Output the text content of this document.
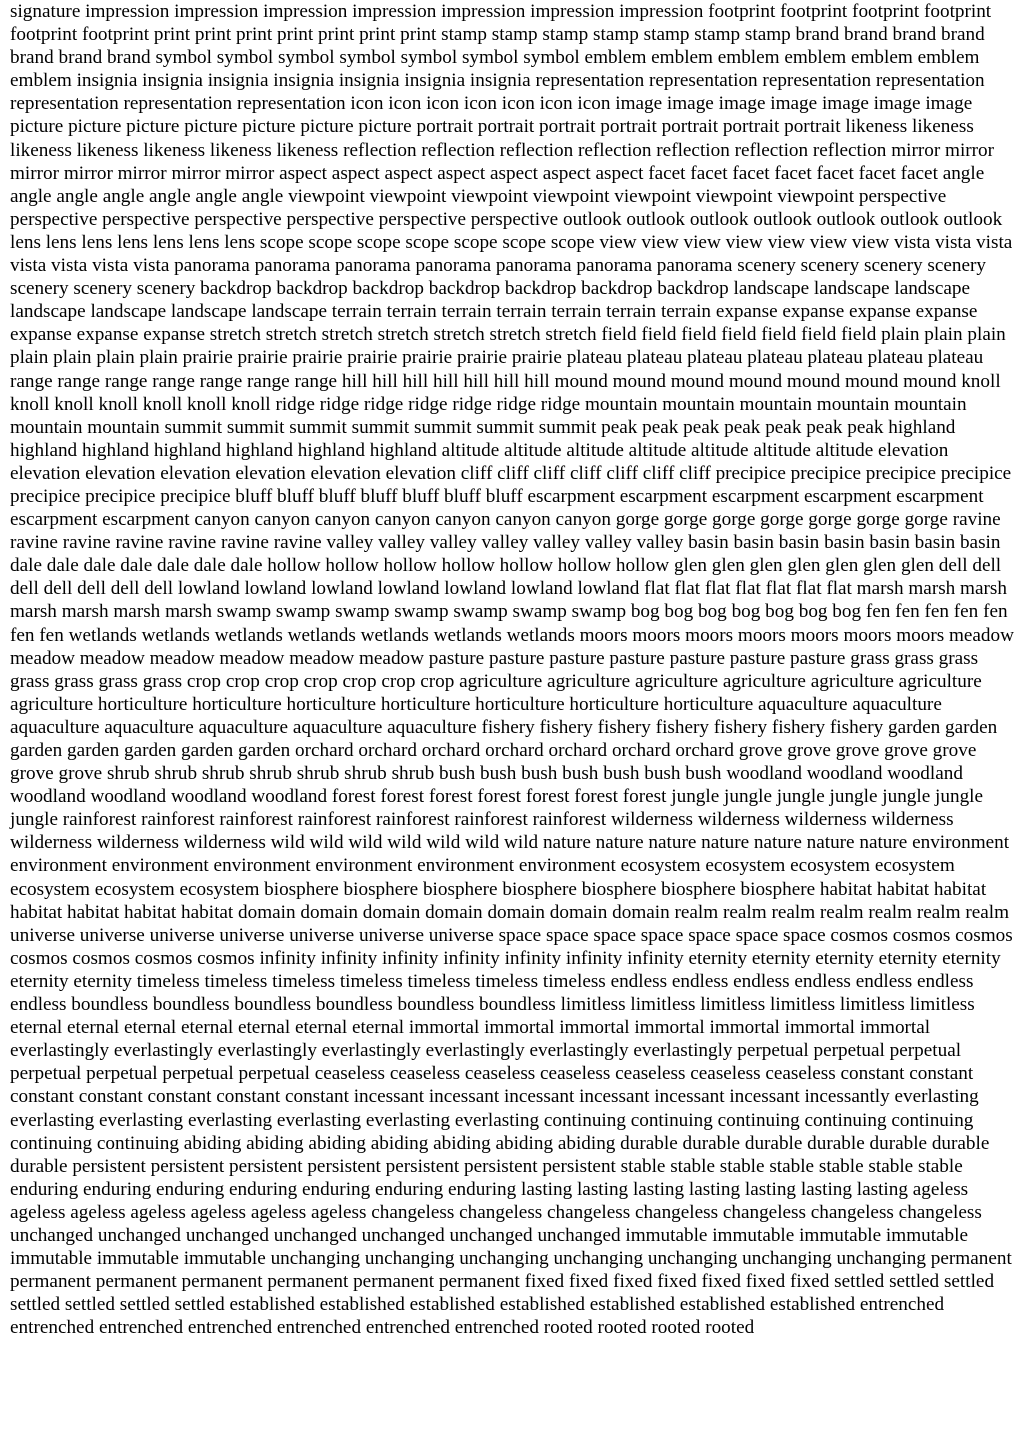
signature impression impression impression impression impression impression impression footprint footprint footprint footprint footprint footprint print print print print print print print stamp stamp stamp stamp stamp stamp stamp brand brand brand brand brand brand brand symbol symbol symbol symbol symbol symbol symbol emblem emblem emblem emblem emblem emblem emblem insignia insignia insignia insignia insignia insignia insignia representation representation representation representation representation representation representation icon icon icon icon icon icon icon image image image image image image image picture picture picture picture picture picture picture portrait portrait portrait portrait portrait portrait portrait likeness likeness likeness likeness likeness likeness likeness reflection reflection reflection reflection reflection reflection reflection mirror mirror mirror mirror mirror mirror mirror aspect aspect aspect aspect aspect aspect aspect facet facet facet facet facet facet facet angle angle angle angle angle angle angle viewpoint viewpoint viewpoint viewpoint viewpoint viewpoint viewpoint perspective perspective perspective perspective perspective perspective perspective outlook outlook outlook outlook outlook outlook outlook lens lens lens lens lens lens lens scope scope scope scope scope scope scope view view view view view view view vista vista vista vista vista vista vista panorama panorama panorama panorama panorama panorama panorama scenery scenery scenery scenery scenery scenery scenery backdrop backdrop backdrop backdrop backdrop backdrop backdrop landscape landscape landscape landscape landscape landscape landscape terrain terrain terrain terrain terrain terrain terrain expanse expanse expanse expanse expanse expanse expanse stretch stretch stretch stretch stretch stretch stretch field field field field field field field plain plain plain plain plain plain plain prairie prairie prairie prairie prairie prairie prairie plateau plateau plateau plateau plateau plateau plateau range range range range range range range hill hill hill hill hill hill hill mound mound mound mound mound mound mound knoll knoll knoll knoll knoll knoll knoll ridge ridge ridge ridge ridge ridge ridge mountain mountain mountain mountain mountain mountain mountain summit summit summit summit summit summit summit peak peak peak peak peak peak peak highland highland highland highland highland highland highland altitude altitude altitude altitude altitude altitude altitude elevation elevation elevation elevation elevation elevation elevation cliff cliff cliff cliff cliff cliff cliff precipice precipice precipice precipice precipice precipice precipice bluff bluff bluff bluff bluff bluff bluff escarpment escarpment escarpment escarpment escarpment escarpment escarpment canyon canyon canyon canyon canyon canyon canyon gorge gorge gorge gorge gorge gorge gorge ravine ravine ravine ravine ravine ravine ravine valley valley valley valley valley valley valley basin basin basin basin basin basin basin dale dale dale dale dale dale dale hollow hollow hollow hollow hollow hollow hollow glen glen glen glen glen glen glen dell dell dell dell dell dell dell lowland lowland lowland lowland lowland lowland lowland flat flat flat flat flat flat flat marsh marsh marsh marsh marsh marsh marsh swamp swamp swamp swamp swamp swamp swamp bog bog bog bog bog bog bog fen fen fen fen fen fen fen wetlands wetlands wetlands wetlands wetlands wetlands wetlands moors moors moors moors moors moors moors meadow meadow meadow meadow meadow meadow meadow pasture pasture pasture pasture pasture pasture pasture grass grass grass grass grass grass grass crop crop crop crop crop crop crop agriculture agriculture agriculture agriculture agriculture agriculture agriculture horticulture horticulture horticulture horticulture horticulture horticulture horticulture aquaculture aquaculture aquaculture aquaculture aquaculture aquaculture aquaculture fishery fishery fishery fishery fishery fishery fishery garden garden garden garden garden garden garden orchard orchard orchard orchard orchard orchard orchard grove grove grove grove grove grove grove shrub shrub shrub shrub shrub shrub shrub bush bush bush bush bush bush bush woodland woodland woodland woodland woodland woodland woodland forest forest forest forest forest forest forest jungle jungle jungle jungle jungle jungle jungle rainforest rainforest rainforest rainforest rainforest rainforest rainforest wilderness wilderness wilderness wilderness wilderness wilderness wilderness wild wild wild wild wild wild wild nature nature nature nature nature nature nature environment environment environment environment environment environment environment ecosystem ecosystem ecosystem ecosystem ecosystem ecosystem ecosystem biosphere biosphere biosphere biosphere biosphere biosphere biosphere habitat habitat habitat habitat habitat habitat habitat domain domain domain domain domain domain domain realm realm realm realm realm realm realm universe universe universe universe universe universe universe space space space space space space space cosmos cosmos cosmos cosmos cosmos cosmos cosmos infinity infinity infinity infinity infinity infinity infinity eternity eternity eternity eternity eternity eternity eternity timeless timeless timeless timeless timeless timeless timeless endless endless endless endless endless endless endless boundless boundless boundless boundless boundless boundless limitless limitless limitless limitless limitless limitless eternal eternal eternal eternal eternal eternal eternal immortal immortal immortal immortal immortal immortal immortal everlastingly everlastingly everlastingly everlastingly everlastingly everlastingly everlastingly perpetual perpetual perpetual perpetual perpetual perpetual perpetual ceaseless ceaseless ceaseless ceaseless ceaseless ceaseless ceaseless constant constant constant constant constant constant constant incessant incessant incessant incessant incessant incessant incessantly everlasting everlasting everlasting everlasting everlasting everlasting everlasting continuing continuing continuing continuing continuing continuing continuing abiding abiding abiding abiding abiding abiding abiding durable durable durable durable durable durable durable persistent persistent persistent persistent persistent persistent persistent stable stable stable stable stable stable stable enduring enduring enduring enduring enduring enduring enduring lasting lasting lasting lasting lasting lasting lasting ageless ageless ageless ageless ageless ageless ageless changeless changeless changeless changeless changeless changeless changeless unchanged unchanged unchanged unchanged unchanged unchanged unchanged immutable immutable immutable immutable immutable immutable immutable unchanging unchanging unchanging unchanging unchanging unchanging unchanging permanent permanent permanent permanent permanent permanent permanent fixed fixed fixed fixed fixed fixed fixed settled settled settled settled settled settled settled established established established established established established established entrenched entrenched entrenched entrenched entrenched entrenched entrenched rooted rooted rooted rooted
